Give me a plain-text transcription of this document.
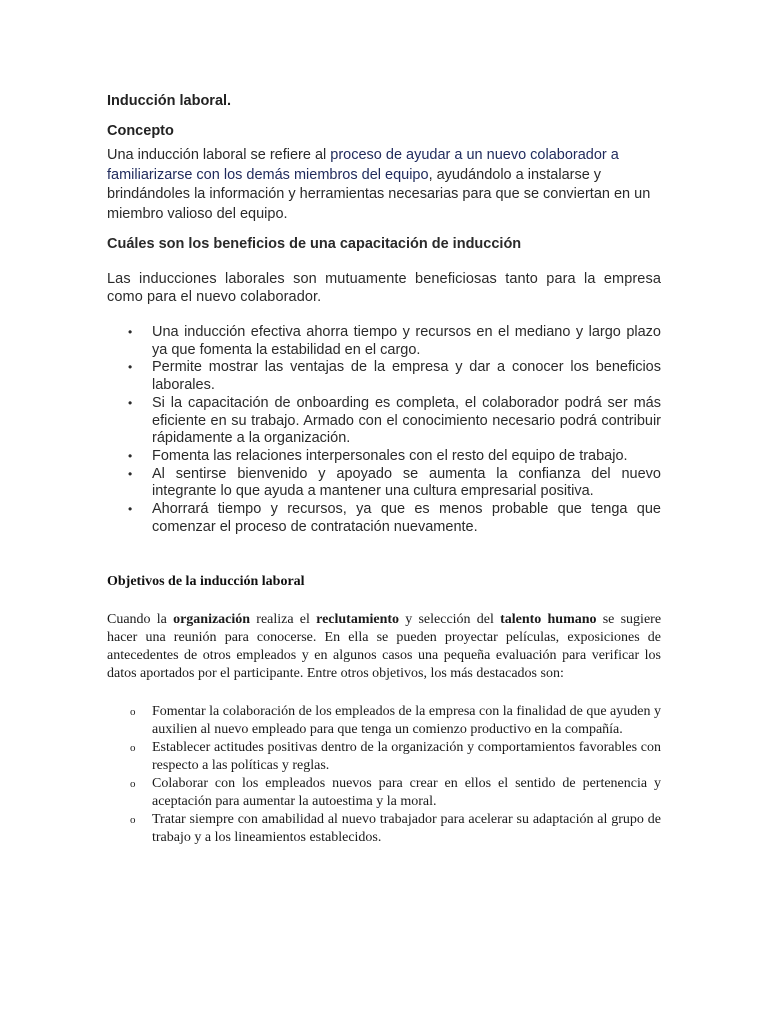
Inducción laboral.
Concepto

Una inducción laboral se refiere al proceso de ayudar a un nuevo colaborador a familiarizarse con los demás miembros del equipo, ayudándolo a instalarse y brindándoles la información y herramientas necesarias para que se conviertan en un miembro valioso del equipo.

Cuáles son los beneficios de una capacitación de inducción

Las inducciones laborales son mutuamente beneficiosas tanto para la empresa como para el nuevo colaborador.

• Una inducción efectiva ahorra tiempo y recursos en el mediano y largo plazo ya que fomenta la estabilidad en el cargo.
• Permite mostrar las ventajas de la empresa y dar a conocer los beneficios laborales.
• Si la capacitación de onboarding es completa, el colaborador podrá ser más eficiente en su trabajo. Armado con el conocimiento necesario podrá contribuir rápidamente a la organización.
• Fomenta las relaciones interpersonales con el resto del equipo de trabajo.
• Al sentirse bienvenido y apoyado se aumenta la confianza del nuevo integrante lo que ayuda a mantener una cultura empresarial positiva.
• Ahorrará tiempo y recursos, ya que es menos probable que tenga que comenzar el proceso de contratación nuevamente.
Objetivos de la inducción laboral

Cuando la organización realiza el reclutamiento y selección del talento humano se sugiere hacer una reunión para conocerse. En ella se pueden proyectar películas, exposiciones de antecedentes de otros empleados y en algunos casos una pequeña evaluación para verificar los datos aportados por el participante. Entre otros objetivos, los más destacados son:

o Fomentar la colaboración de los empleados de la empresa con la finalidad de que ayuden y auxilien al nuevo empleado para que tenga un comienzo productivo en la compañía.
o Establecer actitudes positivas dentro de la organización y comportamientos favorables con respecto a las políticas y reglas.
o Colaborar con los empleados nuevos para crear en ellos el sentido de pertenencia y aceptación para aumentar la autoestima y la moral.
o Tratar siempre con amabilidad al nuevo trabajador para acelerar su adaptación al grupo de trabajo y a los lineamientos establecidos.
